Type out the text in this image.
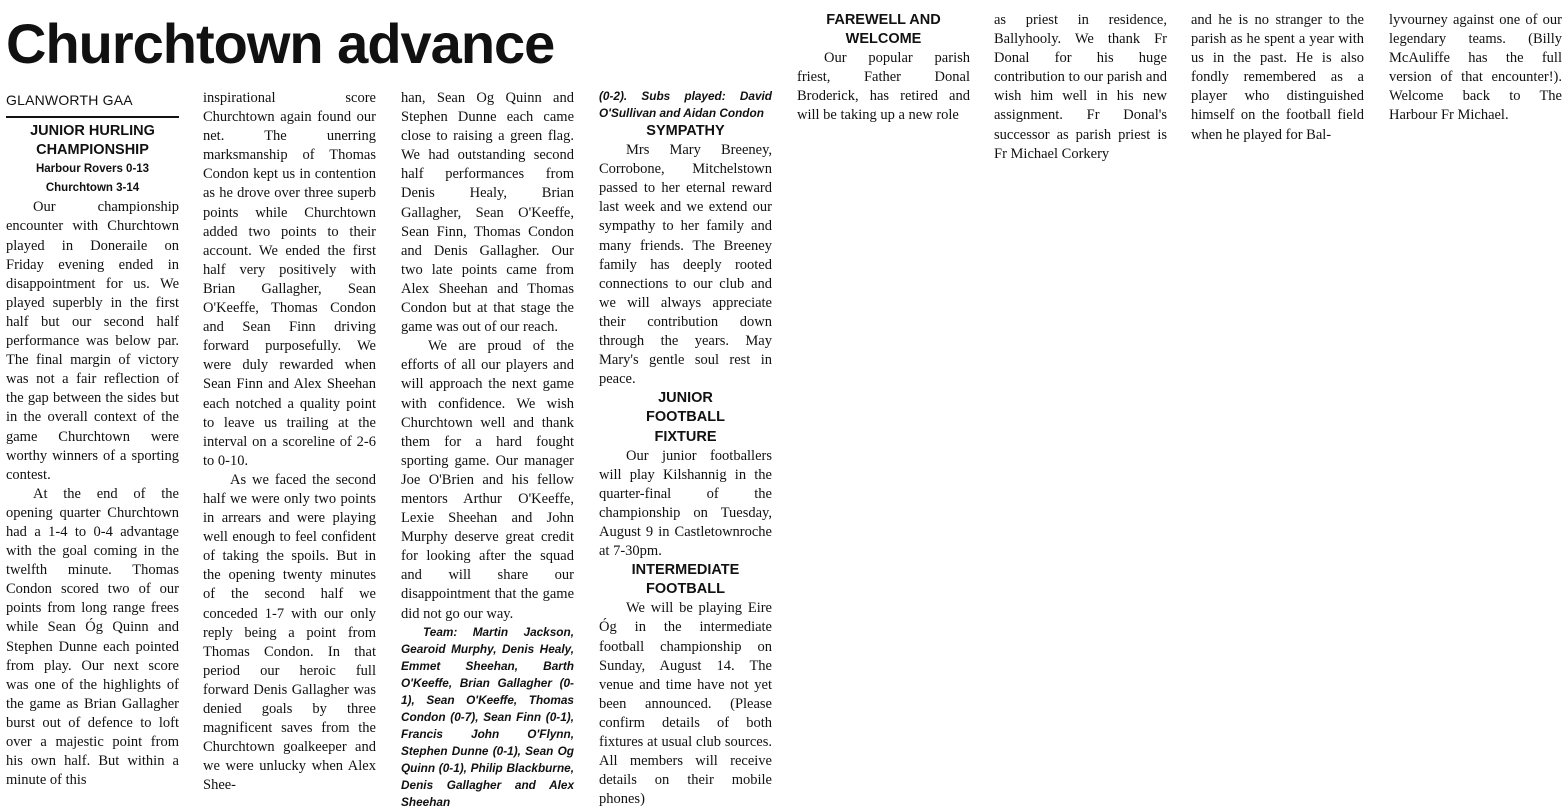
Churchtown advance
GLANWORTH GAA
JUNIOR HURLING CHAMPIONSHIP
Harbour Rovers 0-13
Churchtown 3-14

Our championship encounter with Churchtown played in Doneraile on Friday evening ended in disappointment for us. We played superbly in the first half but our second half performance was below par. The final margin of victory was not a fair reflection of the gap between the sides but in the overall context of the game Churchtown were worthy winners of a sporting contest.

At the end of the opening quarter Churchtown had a 1-4 to 0-4 advantage with the goal coming in the twelfth minute. Thomas Condon scored two of our points from long range frees while Sean Óg Quinn and Stephen Dunne each pointed from play. Our next score was one of the highlights of the game as Brian Gallagher burst out of defence to loft over a majestic point from his own half. But within a minute of this

inspirational score Churchtown again found our net. The unerring marksmanship of Thomas Condon kept us in contention as he drove over three superb points while Churchtown added two points to their account. We ended the first half very positively with Brian Gallagher, Sean O'Keeffe, Thomas Condon and Sean Finn driving forward purposefully. We were duly rewarded when Sean Finn and Alex Sheehan each notched a quality point to leave us trailing at the interval on a scoreline of 2-6 to 0-10.

As we faced the second half we were only two points in arrears and were playing well enough to feel confident of taking the spoils. But in the opening twenty minutes of the second half we conceded 1-7 with our only reply being a point from Thomas Condon. In that period our heroic full forward Denis Gallagher was denied goals by three magnificent saves from the Churchtown goalkeeper and we were unlucky when Alex Shee-

han, Sean Og Quinn and Stephen Dunne each came close to raising a green flag. We had outstanding second half performances from Denis Healy, Brian Gallagher, Sean O'Keeffe, Sean Finn, Thomas Condon and Denis Gallagher. Our two late points came from Alex Sheehan and Thomas Condon but at that stage the game was out of our reach.

We are proud of the efforts of all our players and will approach the next game with confidence. We wish Churchtown well and thank them for a hard fought sporting game. Our manager Joe O'Brien and his fellow mentors Arthur O'Keeffe, Lexie Sheehan and John Murphy deserve great credit for looking after the squad and will share our disappointment that the game did not go our way.

Team: Martin Jackson, Gearoid Murphy, Denis Healy, Emmet Sheehan, Barth O'Keeffe, Brian Gallagher (0-1), Sean O'Keeffe, Thomas Condon (0-7), Sean Finn (0-1), Francis John O'Flynn, Stephen Dunne (0-1), Sean Og Quinn (0-1), Philip Blackburne, Denis Gallagher and Alex Sheehan

(0-2). Subs played: David O'Sullivan and Aidan Condon

SYMPATHY

Mrs Mary Breeney, Corrobone, Mitchelstown passed to her eternal reward last week and we extend our sympathy to her family and many friends. The Breeney family has deeply rooted connections to our club and we will always appreciate their contribution down through the years. May Mary's gentle soul rest in peace.

JUNIOR FOOTBALL FIXTURE

Our junior footballers will play Kilshannig in the quarter-final of the championship on Tuesday, August 9 in Castletownroche at 7-30pm.

INTERMEDIATE FOOTBALL

We will be playing Eire Óg in the intermediate football championship on Sunday, August 14. The venue and time have not yet been announced. (Please confirm details of both fixtures at usual club sources. All members will receive details on their mobile phones)

FAREWELL AND WELCOME

Our popular parish friest, Father Donal Broderick, has retired and will be taking up a new role

as priest in residence, Ballyhooly. We thank Fr Donal for his huge contribution to our parish and wish him well in his new assignment. Fr Donal's successor as parish priest is Fr Michael Corkery

and he is no stranger to the parish as he spent a year with us in the past. He is also fondly remembered as a player who distinguished himself on the football field when he played for Bal-

lyvourney against one of our legendary teams. (Billy McAuliffe has the full version of that encounter!). Welcome back to The Harbour Fr Michael.
